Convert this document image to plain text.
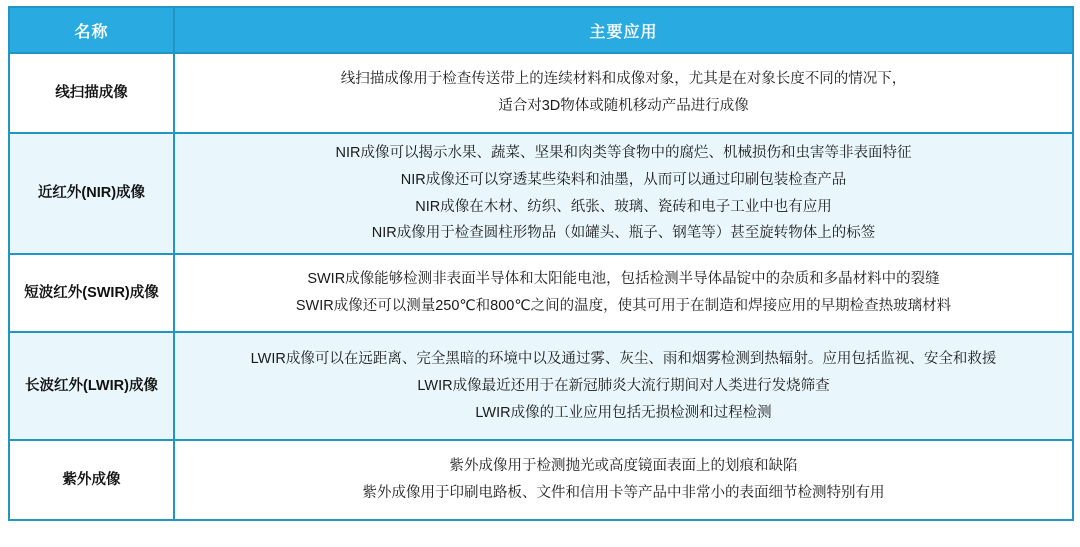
名称	主要应用
线扫描成像	线扫描成像用于检查传送带上的连续材料和成像对象，尤其是在对象长度不同的情况下，
适合对3D物体或随机移动产品进行成像

近红外(NIR)成像	NIR成像可以揭示水果、蔬菜、坚果和肉类等食物中的腐烂、机械损伤和虫害等非表面特征
NIR成像还可以穿透某些染料和油墨，从而可以通过印刷包装检查产品
NIR成像在木材、纺织、纸张、玻璃、瓷砖和电子工业中也有应用
NIR成像用于检查圆柱形物品（如罐头、瓶子、钢笔等）甚至旋转物体上的标签

短波红外(SWIR)成像	SWIR成像能够检测非表面半导体和太阳能电池，包括检测半导体晶锭中的杂质和多晶材料中的裂缝
SWIR成像还可以测量250℃和800℃之间的温度，使其可用于在制造和焊接应用的早期检查热玻璃材料

长波红外(LWIR)成像	LWIR成像可以在远距离、完全黑暗的环境中以及通过雾、灰尘、雨和烟雾检测到热辐射。应用包括监视、安全和救援
LWIR成像最近还用于在新冠肺炎大流行期间对人类进行发烧筛查
LWIR成像的工业应用包括无损检测和过程检测

紫外成像	紫外成像用于检测抛光或高度镜面表面上的划痕和缺陷
紫外成像用于印刷电路板、文件和信用卡等产品中非常小的表面细节检测特别有用
